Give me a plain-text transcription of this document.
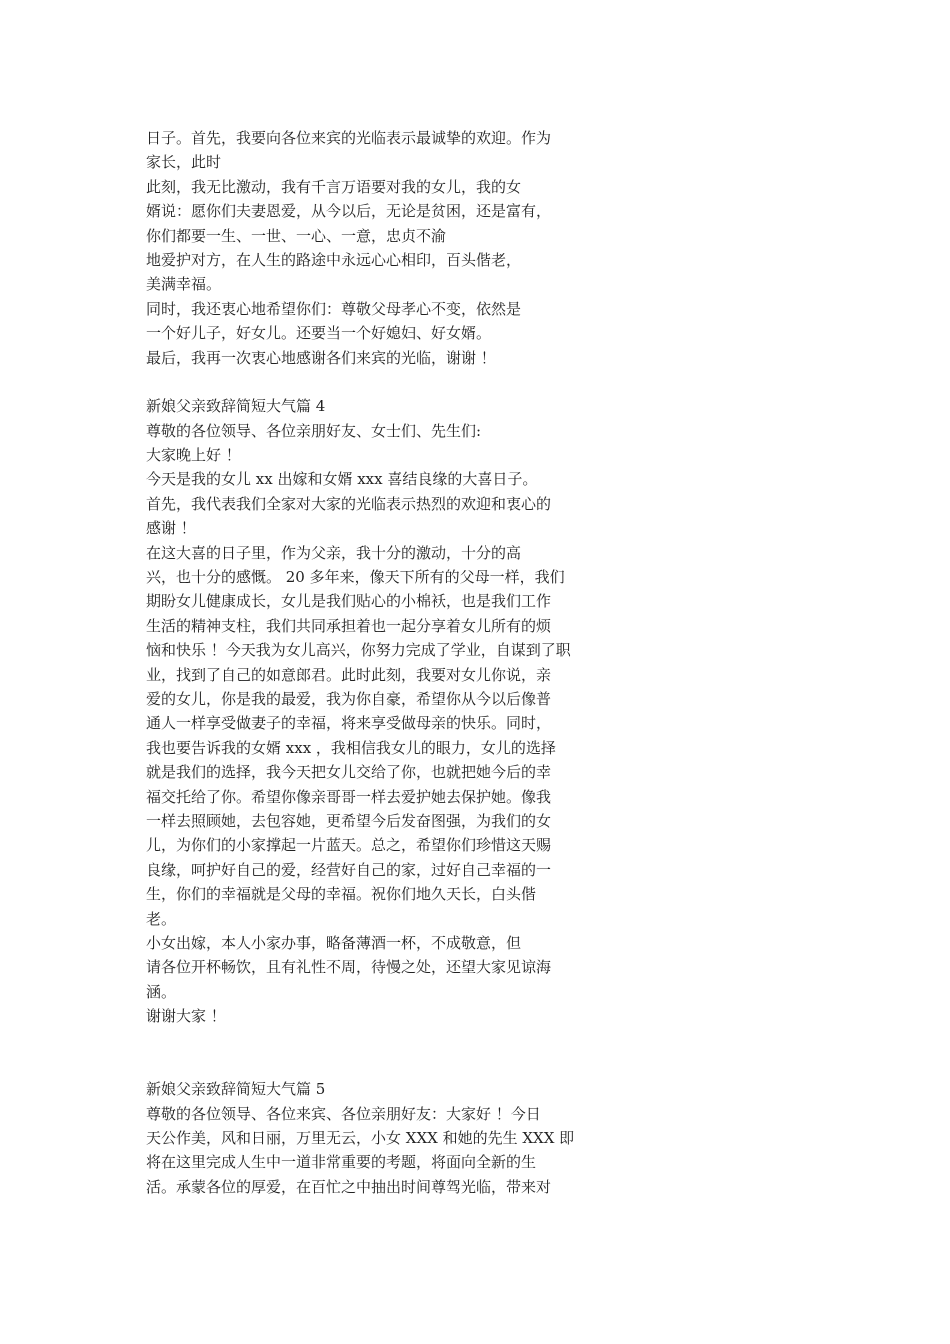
日子。首先，我要向各位来宾的光临表示最诚挚的欢迎。作为
家长，此时
此刻，我无比激动，我有千言万语要对我的女儿，我的女
婿说：愿你们夫妻恩爱，从今以后，无论是贫困，还是富有，
你们都要一生、一世、一心、一意，忠贞不渝
地爱护对方，在人生的路途中永远心心相印，百头偕老，
美满幸福。
同时，我还衷心地希望你们：尊敬父母孝心不变，依然是
一个好儿子，好女儿。还要当一个好媳妇、好女婿。
最后，我再一次衷心地感谢各们来宾的光临，谢谢 ！
新娘父亲致辞简短大气篇 4
尊敬的各位领导、各位亲朋好友、女士们、先生们:
大家晚上好 ！
今天是我的女儿 xx 出嫁和女婿 xxx 喜结良缘的大喜日子。
首先，我代表我们全家对大家的光临表示热烈的欢迎和衷心的
感谢 ！
在这大喜的日子里，作为父亲，我十分的激动，十分的高
兴，也十分的感慨。 20 多年来，像天下所有的父母一样，我们
期盼女儿健康成长，女儿是我们贴心的小棉袄，也是我们工作
生活的精神支柱，我们共同承担着也一起分享着女儿所有的烦
恼和快乐 ！今天我为女儿高兴，你努力完成了学业，自谋到了职
业，找到了自己的如意郎君。此时此刻，我要对女儿你说，亲
爱的女儿，你是我的最爱，我为你自豪，希望你从今以后像普
通人一样享受做妻子的幸福，将来享受做母亲的快乐。同时，
我也要告诉我的女婿 xxx ，我相信我女儿的眼力，女儿的选择
就是我们的选择，我今天把女儿交给了你，也就把她今后的幸
福交托给了你。希望你像亲哥哥一样去爱护她去保护她。像我
一样去照顾她，去包容她，更希望今后发奋图强，为我们的女
儿，为你们的小家撑起一片蓝天。总之，希望你们珍惜这天赐
良缘，呵护好自己的爱，经营好自己的家，过好自己幸福的一
生，你们的幸福就是父母的幸福。祝你们地久天长，白头偕
老。
小女出嫁，本人小家办事，略备薄酒一杯，不成敬意，但
请各位开杯畅饮，且有礼性不周，待慢之处，还望大家见谅海
涵。
谢谢大家 ！
新娘父亲致辞简短大气篇 5
尊敬的各位领导、各位来宾、各位亲朋好友：大家好 ！今日
天公作美，风和日丽，万里无云，小女 XXX 和她的先生 XXX 即
将在这里完成人生中一道非常重要的考题，将面向全新的生
活。承蒙各位的厚爱，在百忙之中抽出时间尊驾光临，带来对
